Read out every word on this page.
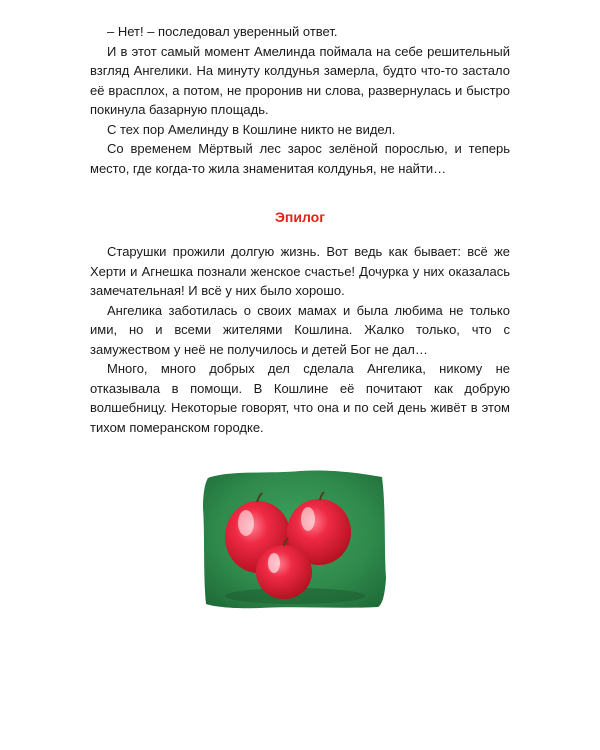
– Нет! – последовал уверенный ответ.

И в этот самый момент Амелинда поймала на себе решительный взгляд Ангелики. На минуту колдунья замерла, будто что-то застало её врасплох, а потом, не проронив ни слова, развернулась и быстро покинула базарную площадь.

С тех пор Амелинду в Кошлине никто не видел.

Со временем Мёртвый лес зарос зелёной порослью, и теперь место, где когда-то жила знаменитая колдунья, не найти…

Эпилог

Старушки прожили долгую жизнь. Вот ведь как бывает: всё же Херти и Агнешка познали женское счастье! Дочурка у них оказалась замечательная! И всё у них было хорошо.

Ангелика заботилась о своих мамах и была любима не только ими, но и всеми жителями Кошлина. Жалко только, что с замужеством у неё не получилось и детей Бог не дал…

Много, много добрых дел сделала Ангелика, никому не отказывала в помощи. В Кошлине её почитают как добрую волшебницу. Некоторые говорят, что она и по сей день живёт в этом тихом померанском городке.
